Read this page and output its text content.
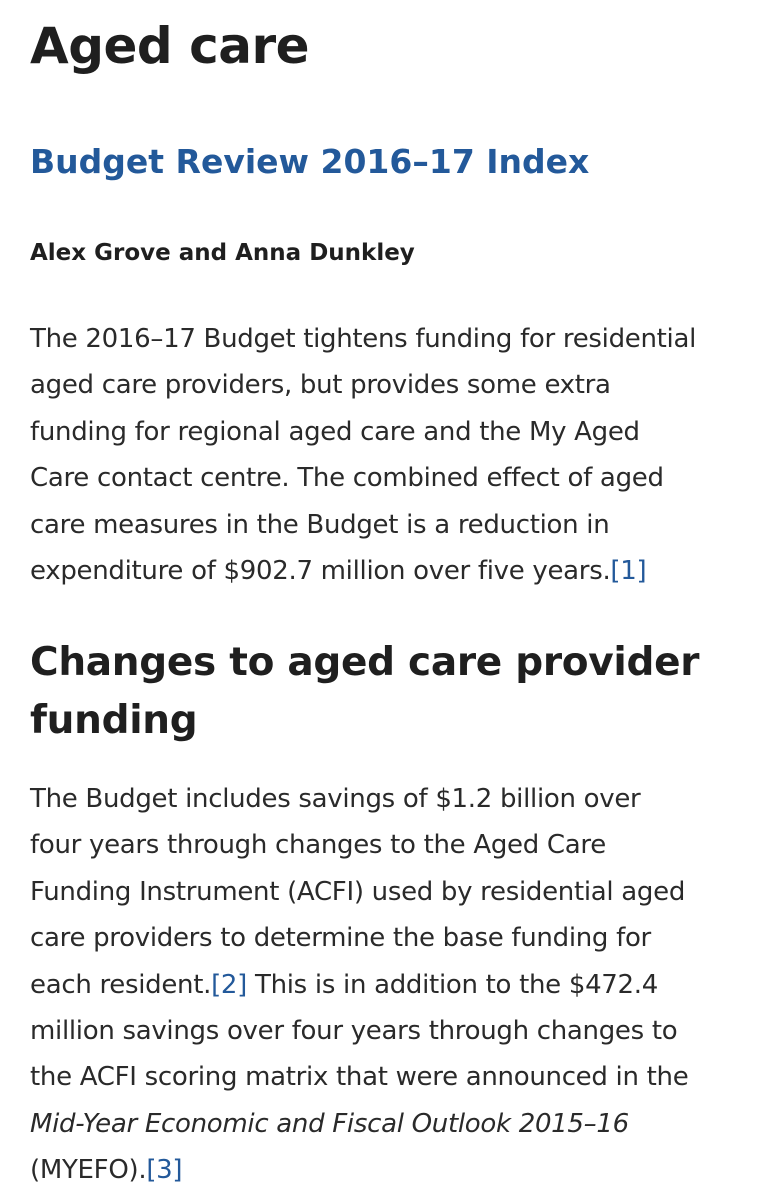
Aged care
Budget Review 2016–17 Index

Alex Grove and Anna Dunkley

The 2016–17 Budget tightens funding for residential
aged care providers, but provides some extra
funding for regional aged care and the My Aged
Care contact centre. The combined effect of aged
care measures in the Budget is a reduction in
expenditure of $902.7 million over five years.[1]

Changes to aged care provider
funding

The Budget includes savings of $1.2 billion over
four years through changes to the Aged Care
Funding Instrument (ACFI) used by residential aged
care providers to determine the base funding for
each resident.[2] This is in addition to the $472.4
million savings over four years through changes to
the ACFI scoring matrix that were announced in the
Mid-Year Economic and Fiscal Outlook 2015–16
(MYEFO).[3]
